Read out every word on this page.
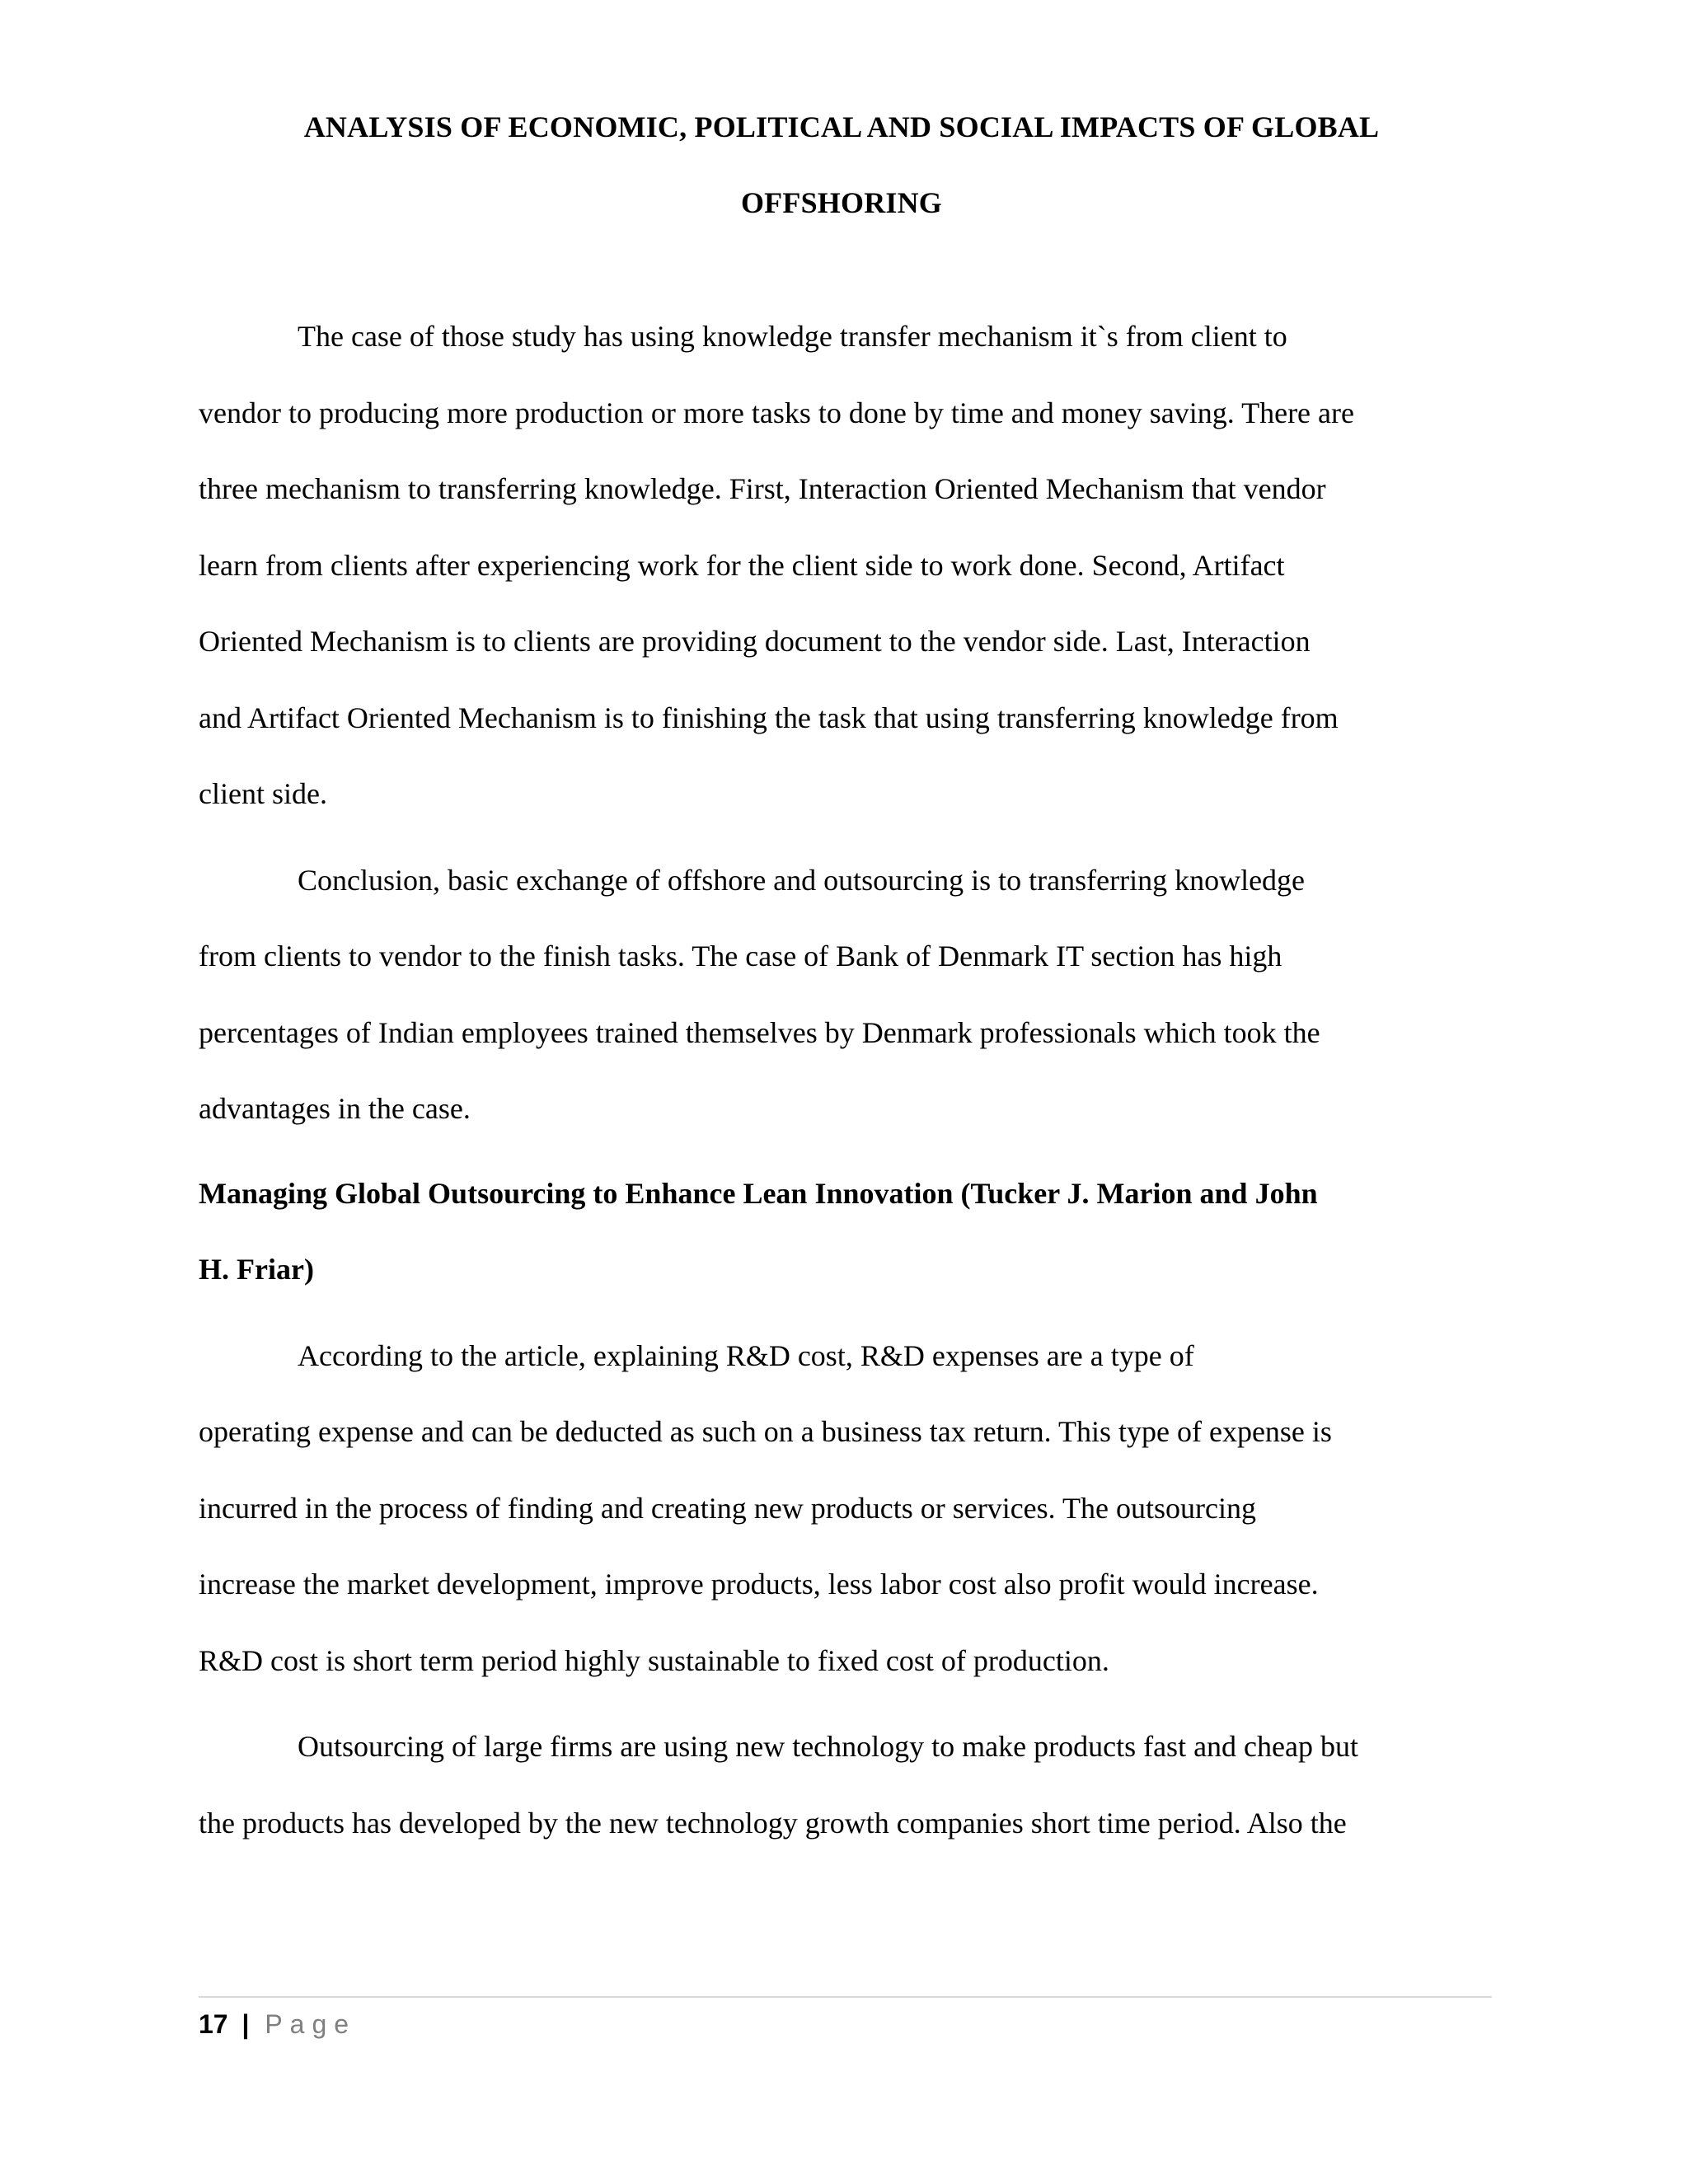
ANALYSIS OF ECONOMIC, POLITICAL AND SOCIAL IMPACTS OF GLOBAL
OFFSHORING

The case of those study has using knowledge transfer mechanism it`s from client to
vendor to producing more production or more tasks to done by time and money saving. There are
three mechanism to transferring knowledge. First, Interaction Oriented Mechanism that vendor
learn from clients after experiencing work for the client side to work done. Second, Artifact
Oriented Mechanism is to clients are providing document to the vendor side. Last, Interaction
and Artifact Oriented Mechanism is to finishing the task that using transferring knowledge from
client side.

Conclusion, basic exchange of offshore and outsourcing is to transferring knowledge
from clients to vendor to the finish tasks. The case of Bank of Denmark IT section has high
percentages of Indian employees trained themselves by Denmark professionals which took the
advantages in the case.

Managing Global Outsourcing to Enhance Lean Innovation (Tucker J. Marion and John
H. Friar)

According to the article, explaining R&D cost, R&D expenses are a type of
operating expense and can be deducted as such on a business tax return. This type of expense is
incurred in the process of finding and creating new products or services. The outsourcing
increase the market development, improve products, less labor cost also profit would increase.
R&D cost is short term period highly sustainable to fixed cost of production.

Outsourcing of large firms are using new technology to make products fast and cheap but
the products has developed by the new technology growth companies short time period. Also the

17 | Page
